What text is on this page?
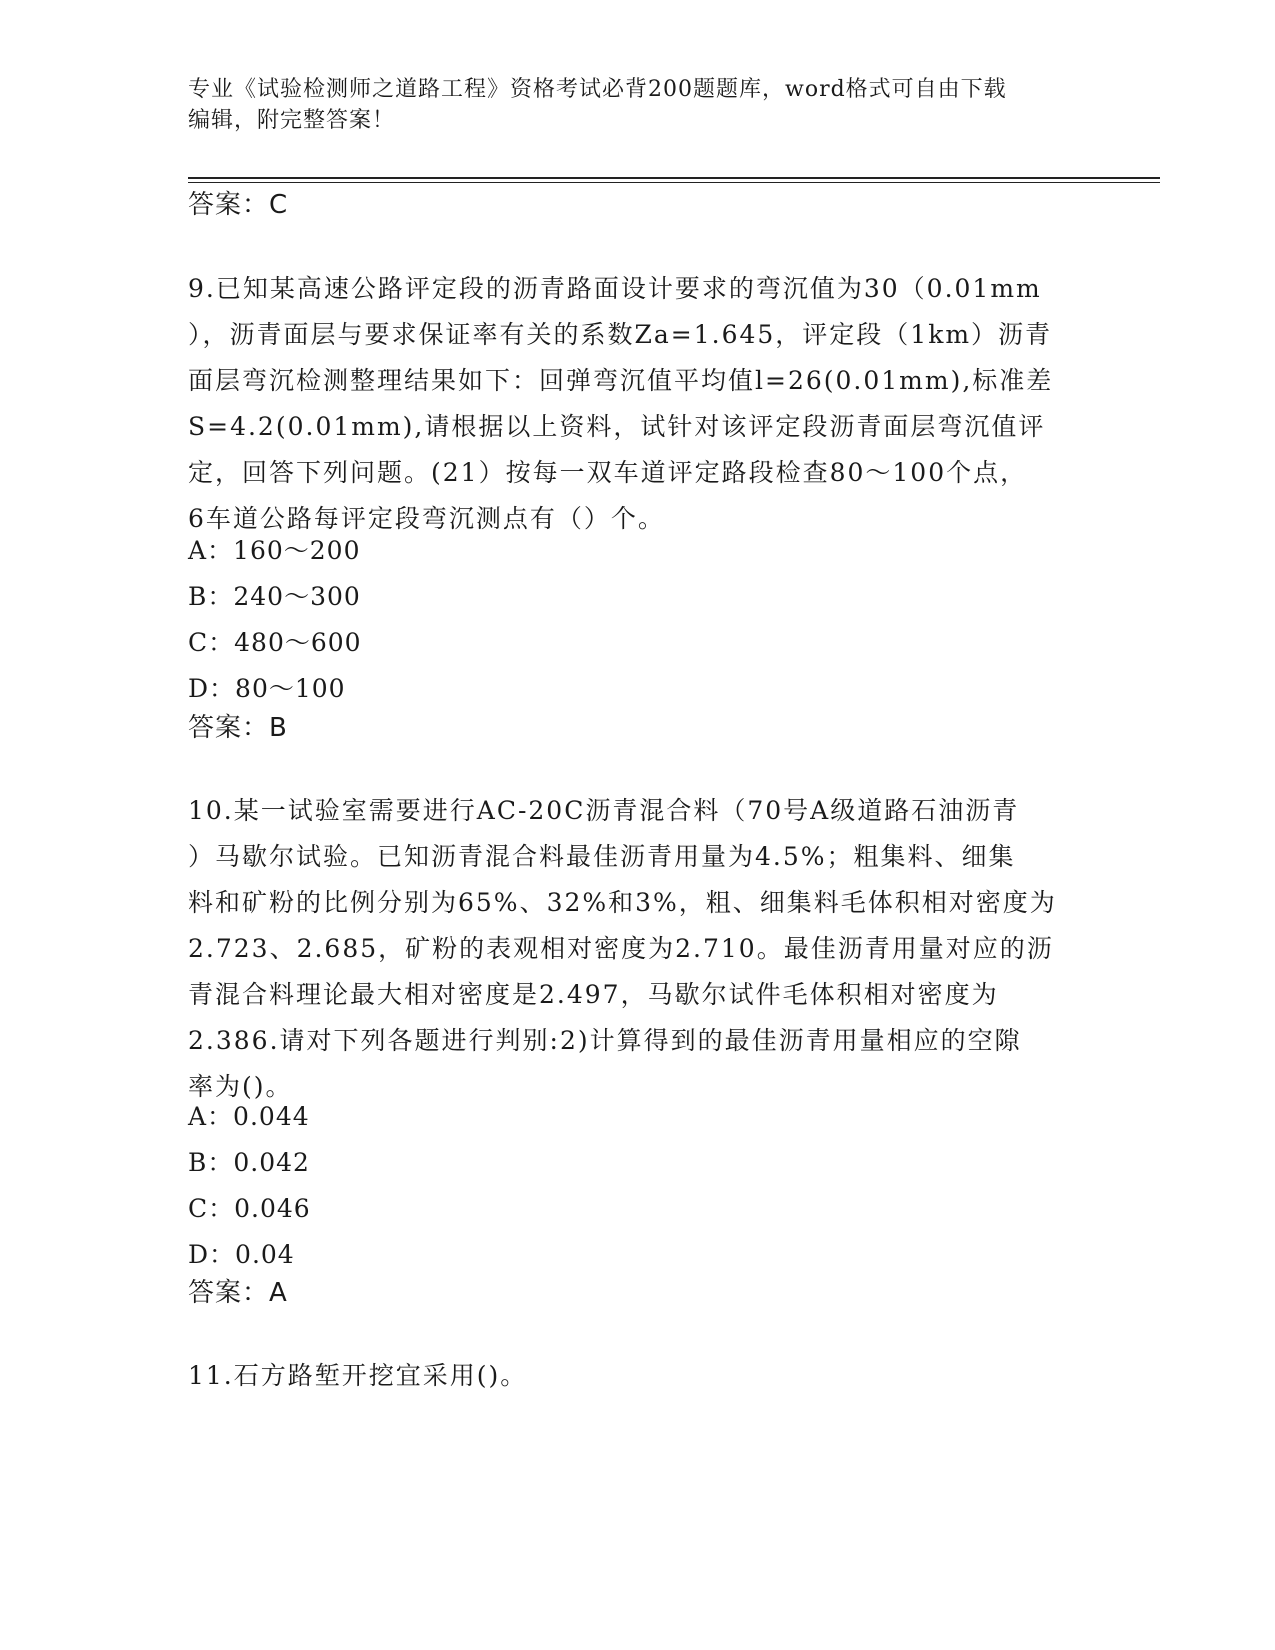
专业《试验检测师之道路工程》资格考试必背200题题库，word格式可自由下载
编辑，附完整答案！
答案：C
9.已知某高速公路评定段的沥青路面设计要求的弯沉值为30（0.01mm
），沥青面层与要求保证率有关的系数Za=1.645，评定段（1km）沥青
面层弯沉检测整理结果如下：回弹弯沉值平均值l=26(0.01mm),标准差
S=4.2(0.01mm),请根据以上资料，试针对该评定段沥青面层弯沉值评
定，回答下列问题。(21）按每一双车道评定路段检查80～100个点，
6车道公路每评定段弯沉测点有（）个。
A：160～200
B：240～300
C：480～600
D：80～100
答案：B
10.某一试验室需要进行AC-20C沥青混合料（70号A级道路石油沥青
）马歇尔试验。已知沥青混合料最佳沥青用量为4.5%；粗集料、细集
料和矿粉的比例分别为65%、32%和3%，粗、细集料毛体积相对密度为
2.723、2.685，矿粉的表观相对密度为2.710。最佳沥青用量对应的沥
青混合料理论最大相对密度是2.497，马歇尔试件毛体积相对密度为
2.386.请对下列各题进行判别:2)计算得到的最佳沥青用量相应的空隙
率为()。
A：0.044
B：0.042
C：0.046
D：0.04
答案：A
11.石方路堑开挖宜采用()。
